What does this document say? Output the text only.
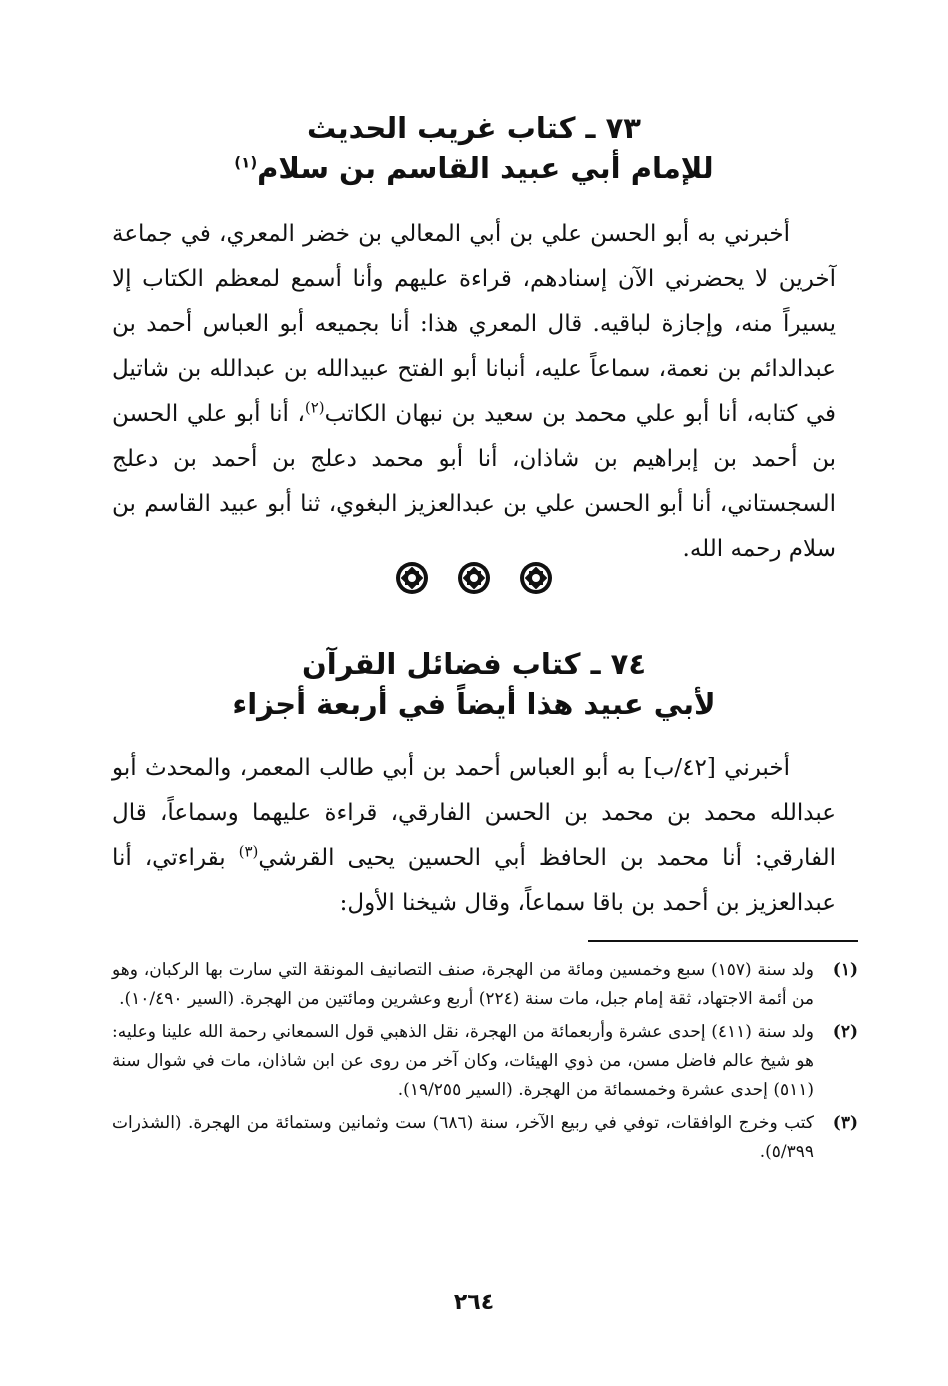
٧٣ ـ كتاب غريب الحديث
للإمام أبي عبيد القاسم بن سلام$^{(١)}$

أخبرني به أبو الحسن علي بن أبي المعالي بن خضر المعري، في جماعة آخرين لا يحضرني الآن إسنادهم، قراءة عليهم وأنا أسمع لمعظم الكتاب إلا يسيراً منه، وإجازة لباقيه. قال المعري هذا: أنا بجميعه أبو العباس أحمد بن عبدالدائم بن نعمة، سماعاً عليه، أنبانا أبو الفتح عبيدالله بن عبدالله بن شاتيل في كتابه، أنا أبو علي محمد بن سعيد بن نبهان الكاتب$^{(٢)}$، أنا أبو علي الحسن بن أحمد بن إبراهيم بن شاذان، أنا أبو محمد دعلج بن أحمد بن دعلج السجستاني، أنا أبو الحسن علي بن عبدالعزيز البغوي، ثنا أبو عبيد القاسم بن سلام رحمه الله.

٧٤ ـ كتاب فضائل القرآن
لأبي عبيد هذا أيضاً في أربعة أجزاء

أخبرني [٤٢/ب] به أبو العباس أحمد بن أبي طالب المعمر، والمحدث أبو عبدالله محمد بن محمد بن الحسن الفارقي، قراءة عليهما وسماعاً، قال الفارقي: أنا محمد بن الحافظ أبي الحسين يحيى القرشي$^{(٣)}$ بقراءتي، أنا عبدالعزيز بن أحمد بن باقا سماعاً، وقال شيخنا الأول:

(١)
ولد سنة (١٥٧) سبع وخمسين ومائة من الهجرة، صنف التصانيف المونقة التي سارت بها الركبان، وهو من أئمة الاجتهاد، ثقة إمام جبل، مات سنة (٢٢٤) أربع وعشرين ومائتين من الهجرة. (السير ١٠/٤٩٠).
(٢)
ولد سنة (٤١١) إحدى عشرة وأربعمائة من الهجرة، نقل الذهبي قول السمعاني رحمة الله علينا وعليه: هو شيخ عالم فاضل مسن، من ذوي الهيئات، وكان آخر من روى عن ابن شاذان، مات في شوال سنة (٥١١) إحدى عشرة وخمسمائة من الهجرة. (السير ١٩/٢٥٥).
(٣)
كتب وخرج الوافقات، توفي في ربيع الآخر، سنة (٦٨٦) ست وثمانين وستمائة من الهجرة. (الشذرات ٥/٣٩٩).
٢٦٤
